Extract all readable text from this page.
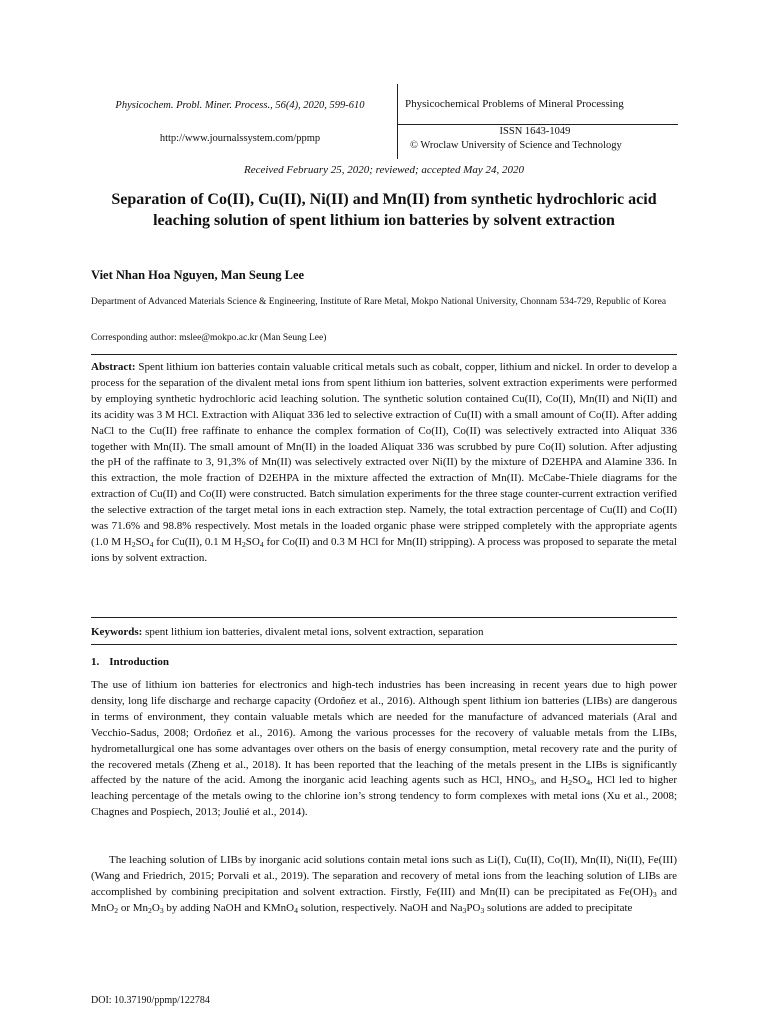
Physicochem. Probl. Miner. Process., 56(4), 2020, 599-610
http://www.journalssystem.com/ppmp
Physicochemical Problems of Mineral Processing
ISSN 1643-1049
© Wroclaw University of Science and Technology
Received February 25, 2020; reviewed; accepted May 24, 2020
Separation of Co(II), Cu(II), Ni(II) and Mn(II) from synthetic hydrochloric acid leaching solution of spent lithium ion batteries by solvent extraction
Viet Nhan Hoa Nguyen, Man Seung Lee
Department of Advanced Materials Science & Engineering, Institute of Rare Metal, Mokpo National University, Chonnam 534-729, Republic of Korea
Corresponding author: mslee@mokpo.ac.kr (Man Seung Lee)
Abstract: Spent lithium ion batteries contain valuable critical metals such as cobalt, copper, lithium and nickel. In order to develop a process for the separation of the divalent metal ions from spent lithium ion batteries, solvent extraction experiments were performed by employing synthetic hydrochloric acid leaching solution. The synthetic solution contained Cu(II), Co(II), Mn(II) and Ni(II) and its acidity was 3 M HCl. Extraction with Aliquat 336 led to selective extraction of Cu(II) with a small amount of Co(II). After adding NaCl to the Cu(II) free raffinate to enhance the complex formation of Co(II), Co(II) was selectively extracted into Aliquat 336 together with Mn(II). The small amount of Mn(II) in the loaded Aliquat 336 was scrubbed by pure Co(II) solution. After adjusting the pH of the raffinate to 3, 91,3% of Mn(II) was selectively extracted over Ni(II) by the mixture of D2EHPA and Alamine 336. In this extraction, the mole fraction of D2EHPA in the mixture affected the extraction of Mn(II). McCabe-Thiele diagrams for the extraction of Cu(II) and Co(II) were constructed. Batch simulation experiments for the three stage counter-current extraction verified the selective extraction of the target metal ions in each extraction step. Namely, the total extraction percentage of Cu(II) and Co(II) was 71.6% and 98.8% respectively. Most metals in the loaded organic phase were stripped completely with the appropriate agents (1.0 M $H_2SO_4$ for Cu(II), 0.1 M $H_2SO_4$ for Co(II) and 0.3 M HCl for Mn(II) stripping). A process was proposed to separate the metal ions by solvent extraction.
Keywords: spent lithium ion batteries, divalent metal ions, solvent extraction, separation
1. Introduction
The use of lithium ion batteries for electronics and high-tech industries has been increasing in recent years due to high power density, long life discharge and recharge capacity (Ordoñez et al., 2016). Although spent lithium ion batteries (LIBs) are dangerous in terms of environment, they contain valuable metals which are needed for the manufacture of advanced materials (Aral and Vecchio-Sadus, 2008; Ordoñez et al., 2016). Among the various processes for the recovery of valuable metals from the LIBs, hydrometallurgical one has some advantages over others on the basis of energy consumption, metal recovery rate and the purity of the recovered metals (Zheng et al., 2018). It has been reported that the leaching of the metals present in the LIBs is significantly affected by the nature of the acid. Among the inorganic acid leaching agents such as HCl, $HNO_3$, and $H_2SO_4$, HCl led to higher leaching percentage of the metals owing to the chlorine ion’s strong tendency to form complexes with metal ions (Xu et al., 2008; Chagnes and Pospiech, 2013; Joulié et al., 2014).
The leaching solution of LIBs by inorganic acid solutions contain metal ions such as Li(I), Cu(II), Co(II), Mn(II), Ni(II), Fe(III) (Wang and Friedrich, 2015; Porvali et al., 2019). The separation and recovery of metal ions from the leaching solution of LIBs are accomplished by combining precipitation and solvent extraction. Firstly, Fe(III) and Mn(II) can be precipitated as $Fe(OH)_3$ and MnO$_2$ or $Mn_2O_3$ by adding NaOH and KMnO$_4$ solution, respectively. NaOH and $Na_3PO_3$ solutions are added to precipitate
DOI: 10.37190/ppmp/122784
